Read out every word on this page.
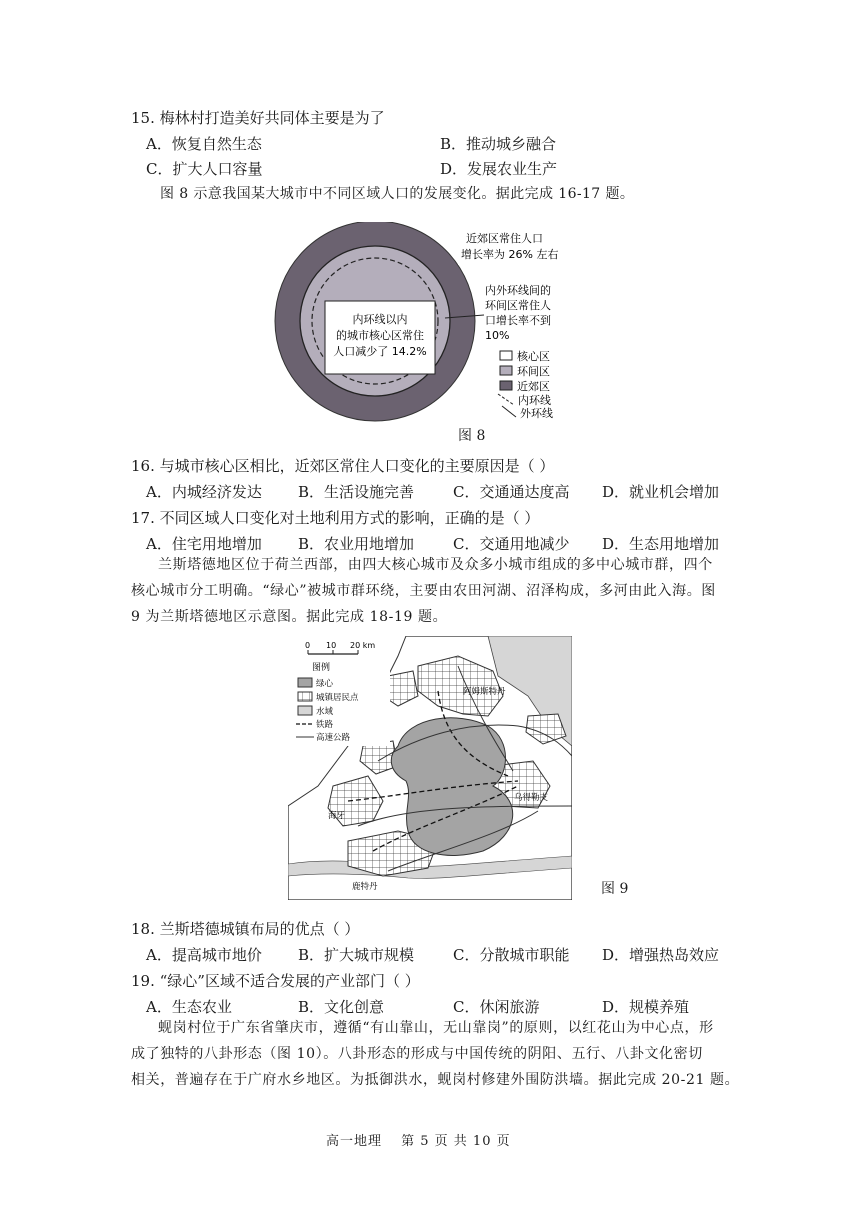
15. 梅林村打造美好共同体主要是为了
A．恢复自然生态	B．推动城乡融合
C．扩大人口容量	D．发展农业生产
图 8 示意我国某大城市中不同区域人口的发展变化。据此完成 16-17 题。
内环线以内
的城市核心区常住
人口减少了 14.2%
近郊区常住人口
增长率为 26% 左右
内外环线间的
环间区常住人
口增长率不到
10%
核心区
环间区
近郊区
内环线
外环线
图 8
16. 与城市核心区相比，近郊区常住人口变化的主要原因是（ ）
A．内城经济发达 B．生活设施完善	C．交通通达度高 D．就业机会增加
17. 不同区域人口变化对土地利用方式的影响，正确的是（ ）
A．住宅用地增加 B．农业用地增加	C．交通用地减少 D．生态用地增加
兰斯塔德地区位于荷兰西部，由四大核心城市及众多小城市组成的多中心城市群，四个
核心城市分工明确。“绿心”被城市群环绕，主要由农田河湖、沼泽构成，多河由此入海。图
9 为兰斯塔德地区示意图。据此完成 18-19 题。
0 10 20 km
图例
绿心
城镇居民点
水域
铁路
高速公路
阿姆斯特丹
乌得勒支
海牙
鹿特丹	图 9
18. 兰斯塔德城镇布局的优点（ ）
A．提高城市地价 B．扩大城市规模	C．分散城市职能 D．增强热岛效应
19. “绿心”区域不适合发展的产业部门（ ）
A．生态农业	B．文化创意	C．休闲旅游	D．规模养殖
蚬岗村位于广东省肇庆市，遵循“有山靠山，无山靠岗”的原则，以红花山为中心点，形
成了独特的八卦形态（图 10）。八卦形态的形成与中国传统的阴阳、五行、八卦文化密切
相关，普遍存在于广府水乡地区。为抵御洪水，蚬岗村修建外围防洪墙。据此完成 20-21 题。
高一地理　 第 5 页 共 10 页
